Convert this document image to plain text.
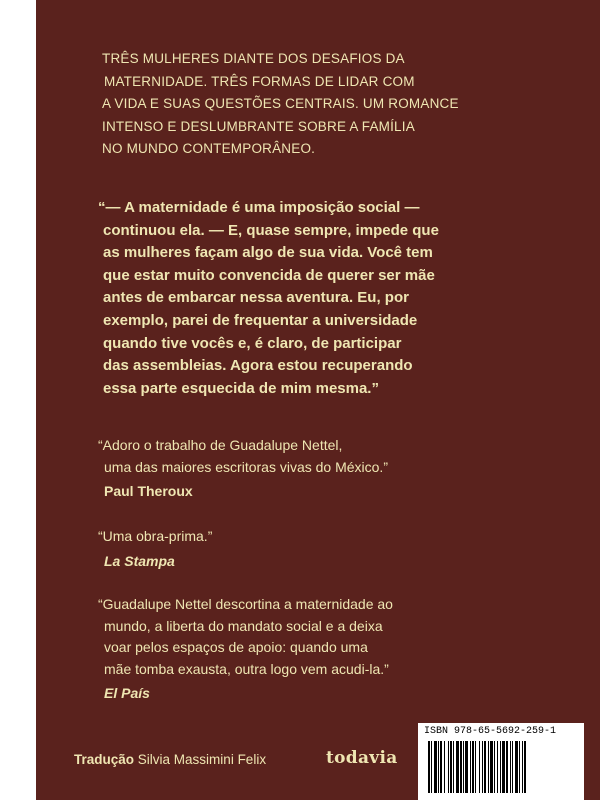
TRÊS MULHERES DIANTE DOS DESAFIOS DA
MATERNIDADE. TRÊS FORMAS DE LIDAR COM
A VIDA E SUAS QUESTÕES CENTRAIS. UM ROMANCE
INTENSO E DESLUMBRANTE SOBRE A FAMÍLIA
NO MUNDO CONTEMPORÂNEO.
“— A maternidade é uma imposição social —
continuou ela. — E, quase sempre, impede que
as mulheres façam algo de sua vida. Você tem
que estar muito convencida de querer ser mãe
antes de embarcar nessa aventura. Eu, por
exemplo, parei de frequentar a universidade
quando tive vocês e, é claro, de participar
das assembleias. Agora estou recuperando
essa parte esquecida de mim mesma.”
“Adoro o trabalho de Guadalupe Nettel,
uma das maiores escritoras vivas do México.”
Paul Theroux
“Uma obra-prima.”
La Stampa
“Guadalupe Nettel descortina a maternidade ao
mundo, a liberta do mandato social e a deixa
voar pelos espaços de apoio: quando uma
mãe tomba exausta, outra logo vem acudi-la.”
El País
Tradução Silvia Massimini Felix	todavia
ISBN 978-65-5692-259-1
